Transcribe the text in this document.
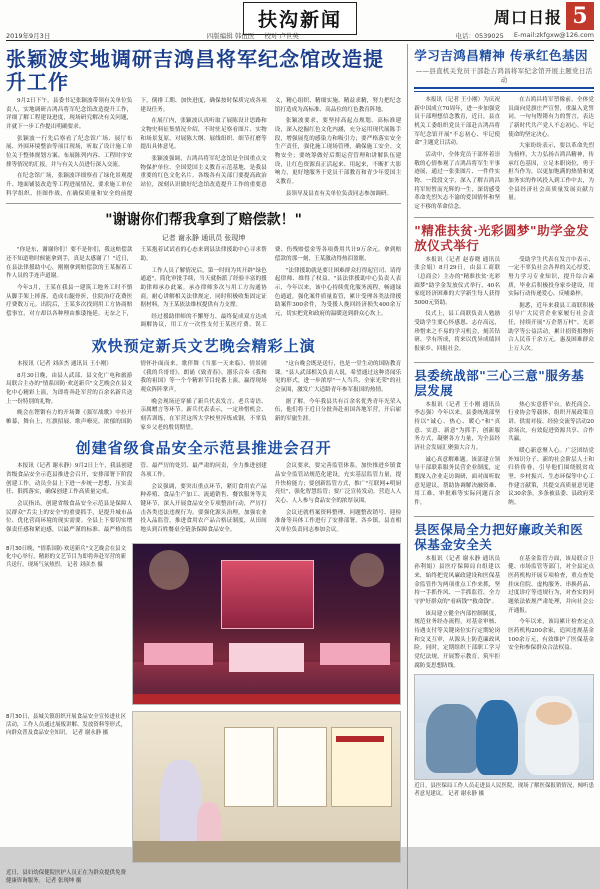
扶沟新闻	周口日报 5
2019年9月3日	四版编辑 韩伍医 校对 卢世英	电话：0539025 E-mail:zkfgxw@126.com
张颖波实地调研吉鸿昌将军纪念馆改造提升工作

9月2日下午，县委书记张颖波带领有关单位负责人，实地调研吉鸿昌将军纪念馆改造提升工作，详细了解工程建设进度，现场研究解决有关问题，并就下一步工作提出明确要求。

张颖波一行先后察看了纪念馆广场、展厅布展、外围环境整治等项目现场，听取了设计施工单位关于整体规划方案、布展陈列内容、工程时序安排等情况的汇报，并与有关人员进行深入交流。

在纪念馆广场，张颖波详细察看了绿化景观提升、地面铺装改造等工程进展情况，要求施工单位科学组织、挂图作战，在确保质量和安全的前提下，倒排工期、加快进度，确保按时保质完成各项建设任务。

在展厅内，张颖波认真听取了展陈设计思路和文物史料征集情况介绍，不时驻足察看图片、实物和场景复原，对展陈大纲、展线组织、细节打磨等提出具体意见。

张颖波强调，吉鸿昌将军纪念馆是全国重点文物保护单位、全国爱国主义教育示范基地，是我县重要的红色文化名片。各级各有关部门要提高政治站位，深刻认识做好纪念馆改造提升工作的重要意义，精心组织、精细实施、精益求精，努力把纪念馆打造成为高标准、高品位的红色教育阵地。

张颖波要求，要坚持高起点规划、高标准建设，深入挖掘红色文化内涵，充分运用现代展陈手段，增强展览的感染力和吸引力；要严格落实安全生产责任，强化施工现场管理，确保施工安全、文物安全；要统筹做好后期运营管理和讲解队伍建设，让红色资源真正活起来、用起来，不断扩大影响力，更好地服务于党员干部教育和青少年爱国主义教育。

县领导及县直有关单位负责同志参加调研。

"谢谢你们帮我拿到了赔偿款！"
记者 谢永静 通讯员 张现坤

"你是东，谢谢你们！要不是你们，我这赔偿款还不知道啥时候能拿到手，真是太感谢了！"近日，在县法律援助中心，刚刚拿到赔偿款的王某握着工作人员的手连声道谢。

今年3月，王某在我县一建筑工地务工时不慎从脚手架上摔落，造成右腿骨折，住院治疗花费医疗费数万元。出院后，王某多次找到用工方协商赔偿事宜，对方却以各种理由推诿拖延。无奈之下，王某抱着试试看的心态来到县法律援助中心寻求帮助。

工作人员了解情况后，第一时间为其开辟"绿色通道"，简化审批手续，当天就指派了经验丰富的援助律师承办此案。承办律师多次与用工方沟通协商，耐心讲解相关法律规定，同时积极收集固定证据材料，为王某依法维权提供有力支撑。

经过援助律师的不懈努力，最终促成双方达成调解协议，用工方一次性支付王某医疗费、误工费、伤残赔偿金等各项费用共计9万余元。拿到赔偿款的那一刻，王某激动得热泪盈眶。

"法律援助就是要让困难群众打得起官司、请得起律师、维得了权益。"县法律援助中心负责人表示，今年以来，该中心持续优化服务流程，畅通绿色通道，强化案件质量监管，累计受理各类法律援助案件300余件，为受援人挽回经济损失400余万元，切实把党和政府的温暖送到群众心坎上。

欢快预定新兵文艺晚会精彩上演

本报讯（记者 刘彦杰 通讯员 王小刚）

8月30日晚，由县人武部、县文化广电和旅游局联合主办的"情系国防·欢送新兵"文艺晚会在县文化中心精彩上演，为即将奔赴军营的百余名新兵送上一份特别的礼物。

晚会在铿锵有力的开场舞《强军战歌》中拉开帷幕，舞台上，红旗招展、歌声嘹亮，浓郁的国防情怀扑面而来。歌伴舞《当那一天来临》、情景剧《我的兵哥哥》、朗诵《致青春》、器乐合奏《我和我的祖国》等一个个精彩节目轮番上演，赢得现场观众阵阵掌声。

晚会现场还穿插了新兵代表发言、老兵寄语、亲属赠言等环节。新兵代表表示，一定珍惜机会、刻苦训练，在军营这所大学校里淬炼成钢，不辜负家乡父老的殷切期望。

"这台晚会既是送行，也是一堂生动的国防教育课。"县人武部相关负责人说，希望通过这种喜闻乐见的形式，进一步浓厚"一人当兵、全家光荣"的社会氛围，激发广大适龄青年参军报国的热情。

据了解，今年我县共有百余名优秀青年光荣入伍，他们将于近日分批奔赴祖国各地军营，开启崭新的军旅生涯。

创建省级食品安全示范县推进会召开

本报讯（记者 谢永静）9月2日上午，我县创建省级食品安全示范县推进会召开，安排部署下阶段创建工作，动员全县上下进一步统一思想、压实责任、狠抓落实，确保创建工作高质量完成。

会议指出，创建省级食品安全示范县是保障人民群众"舌尖上的安全"的重要抓手，是提升城市品位、优化营商环境的现实需要。全县上下要切实增强责任感和紧迫感，以最严谨的标准、最严格的监管、最严厉的处罚、最严肃的问责，全力推进创建各项工作。

会议强调，要突出重点环节，紧盯食用农产品种养殖、食品生产加工、流通销售、餐饮服务等关键环节，深入开展食品安全专项整治行动，严厉打击各类违法违规行为。要强化源头治理，加强农业投入品监管，推进食用农产品合格证制度，从田间地头到百姓餐桌全链条保障食品安全。

会议要求，要完善监管体系，加快推进乡镇食品安全监管站规范化建设，充实基层监管力量，提升快检能力；要创新监管方式，推广"互联网+明厨亮灶"，强化智慧监管；要广泛宣传发动，营造人人关心、人人参与食品安全的浓厚氛围。

会议还就档案资料整理、问题整改销号、迎检准备等具体工作进行了安排部署。各乡镇、县直相关单位负责同志参加会议。

8月30日晚，"情系国防·欢送新兵"文艺晚会在县文化中心举行，精彩的文艺节目为即将奔赴军营的新兵送行，现场气氛热烈。 记者 刘彦杰 摄

8月30日，县城关镇组织开展食品安全宣传进社区活动，工作人员通过展板讲解、发放资料等形式，向群众普及食品安全知识。 记者 谢永静 摄

近日，县妇幼保健院医护人员正在为群众提供免费健康咨询服务。 记者 张现坤 摄

学习吉鸿昌精神 传承红色基因
——县直机关党员干部赴吉鸿昌将军纪念馆开展主题党日活动

本报讯（记者 王小刚）为庆祝新中国成立70周年，进一步加强党员干部理想信念教育，近日，县直机关工委组织党员干部赴吉鸿昌将军纪念馆开展"不忘初心、牢记使命"主题党日活动。

活动中，全体党员干部怀着崇敬的心情参观了吉鸿昌将军生平事迹展，通过一张张图片、一件件实物、一段段文字，深入了解吉鸿昌将军短暂而光辉的一生，深切感受革命先烈矢志不渝的爱国情怀和坚定不移的革命信念。

在吉鸿昌将军塑像前，全体党员面向党旗庄严宣誓，重温入党誓词。一句句铿锵有力的誓言，表达了新时代共产党人不忘初心、牢记使命的坚定决心。

大家纷纷表示，要以革命先烈为榜样，大力弘扬吉鸿昌精神，传承红色基因，立足本职岗位，勇于担当作为，以更加饱满的热情和更加务实的作风投入到工作中去，为全县经济社会高质量发展贡献力量。

"精准扶贫·光彩圆梦"助学金发放仪式举行

本报讯（记者 赵春晓 通讯员 张会娟）8月29日，由县工商联（总商会）主办的"精准扶贫·光彩圆梦"助学金发放仪式举行，40名家庭经济困难的大学新生每人获得5000元资助。

仪式上，县工商联负责人勉励受助学生要心怀感恩、志存高远，珍惜来之不易的学习机会，刻苦钻研、学有所成，将来以优异成绩回报家乡、回报社会。

受助学生代表在发言中表示，一定不辜负社会各界的关心厚爱，努力学习专业知识，提升综合素质，毕业后积极投身家乡建设，用实际行动传递爱心、反哺桑梓。

据悉，近年来我县工商联积极引导广大民营企业家履行社会责任，持续开展"万企帮万村"、光彩助学等公益活动，累计捐资捐物折合人民币千余万元，惠及困难群众上万人次。

县委统战部"三心三意"服务基层发展

本报讯（记者 王小刚 通讯员 李志强）今年以来，县委统战部坚持以"诚心、热心、暖心"和"真意、实意、新意"为抓手，创新服务方式，凝聚各方力量，为全县经济社会发展汇聚强大合力。

诚心真意解难题。该部建立领导干部联系服务民营企业制度，定期深入企业走访调研，面对面听取意见建议，帮助协调解决融资难、用工难、审批难等实际问题百余件。

热心实意搭平台。依托商会、行业协会等载体，组织开展政策宣讲、供需对接、经验交流等活动20余场次，有效促进资源共享、合作共赢。

暖心新意聚人心。广泛团结党外知识分子、新的社会阶层人士和归侨侨眷，引导他们围绕脱贫攻坚、乡村振兴、生态环保等中心工作建言献策，共提交高质量意见建议30余条，多条被县委、县政府采纳。

县医保局全力把好廉政关和医保基金安全关

本报讯（记者 谢永静 通讯员 孙利娟）县医疗保障局自组建以来，始终把党风廉政建设和医保基金监管作为两项重点工作来抓，坚持一手抓作风、一手抓监管，全力守护好群众的"看病钱""救命钱"。

该局建立健全内部控制制度，规范业务经办流程，对基金审核、待遇支付等关键岗位实行定期轮岗和交叉互审，从源头上防范廉政风险。同时，定期组织干部职工学习党纪法规，开展警示教育，筑牢拒腐防变思想防线。

在基金监管方面，该局联合卫健、市场监管等部门，对全县定点医药机构开展专项检查，重点查处挂床住院、虚构服务、串换药品、过度诊疗等违规行为，对查实的问题依法依规严肃处理，并向社会公开通报。

今年以来，该局累计检查定点医药机构200余家，追回违规基金100余万元，有效维护了医保基金安全和参保群众合法权益。

近日，县医保局工作人员走进县人民医院，现场了解医保报销情况，倾听患者意见建议。 记者 谢永静 摄
